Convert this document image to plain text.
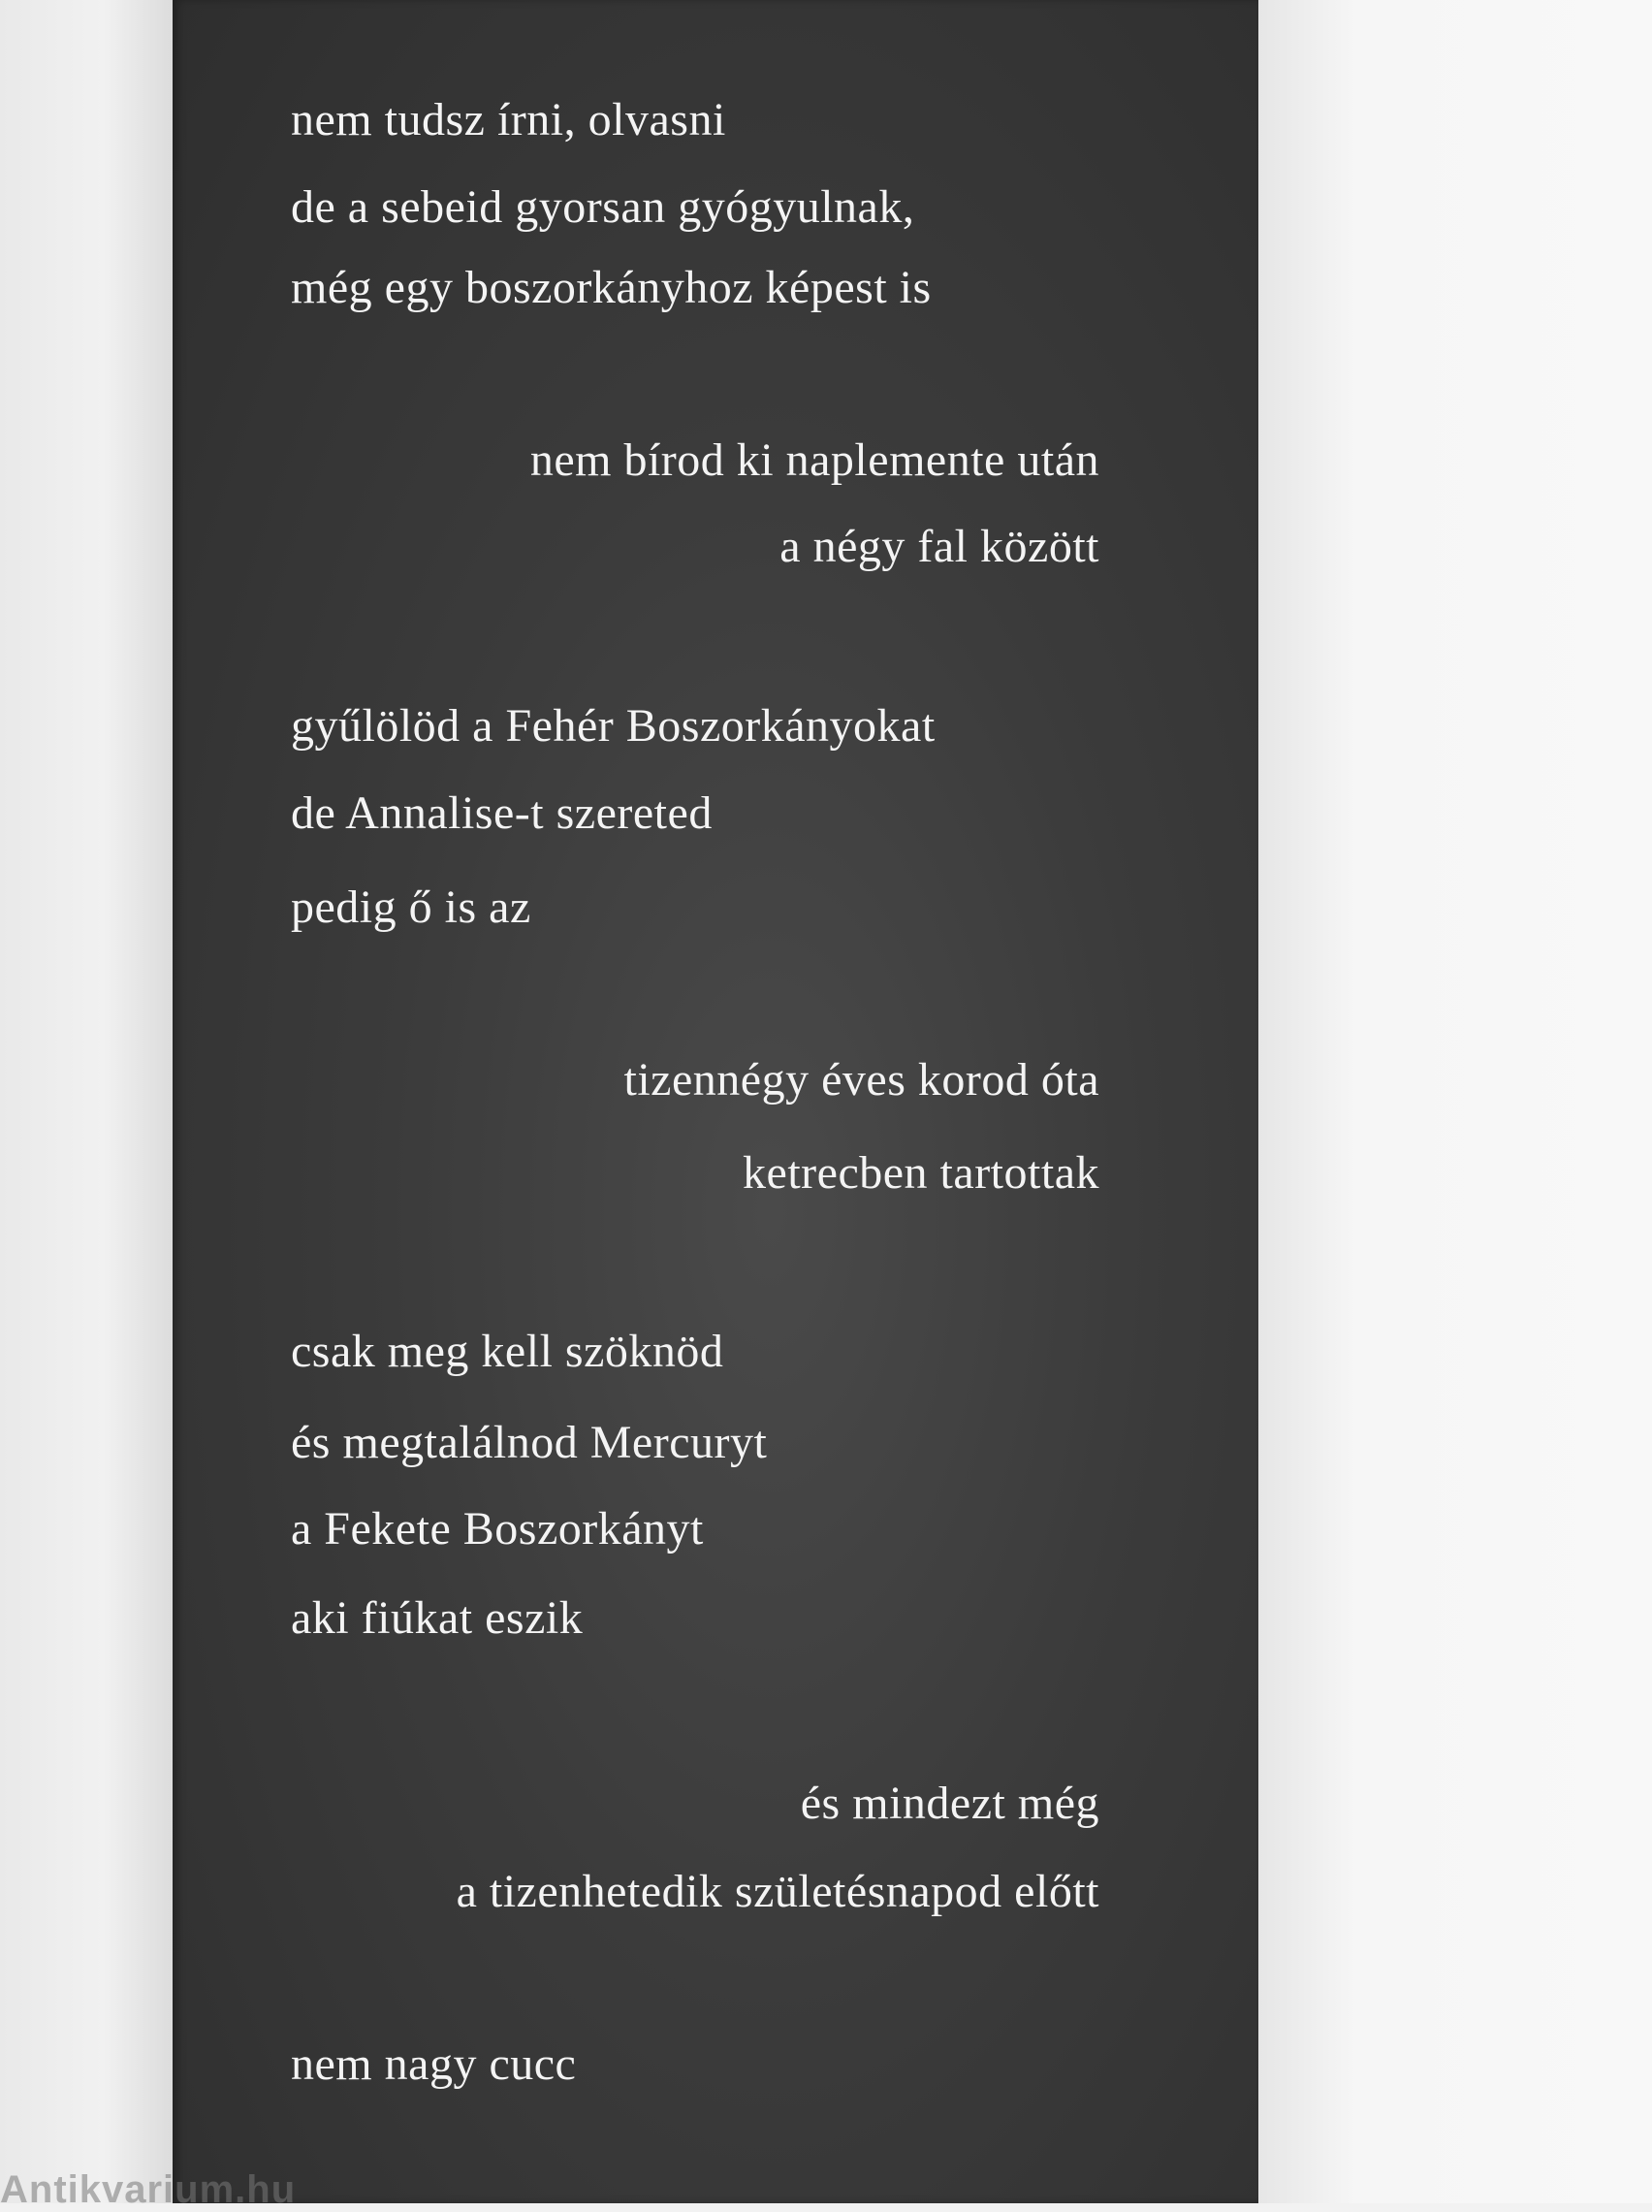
nem tudsz írni, olvasni
de a sebeid gyorsan gyógyulnak,
még egy boszorkányhoz képest is
nem bírod ki naplemente után
a négy fal között
gyűlölöd a Fehér Boszorkányokat
de Annalise-t szereted
pedig ő is az
tizennégy éves korod óta
ketrecben tartottak
csak meg kell szöknöd
és megtalálnod Mercuryt
a Fekete Boszorkányt
aki fiúkat eszik
és mindezt még
a tizenhetedik születésnapod előtt
nem nagy cucc
Antikvarium.hu
